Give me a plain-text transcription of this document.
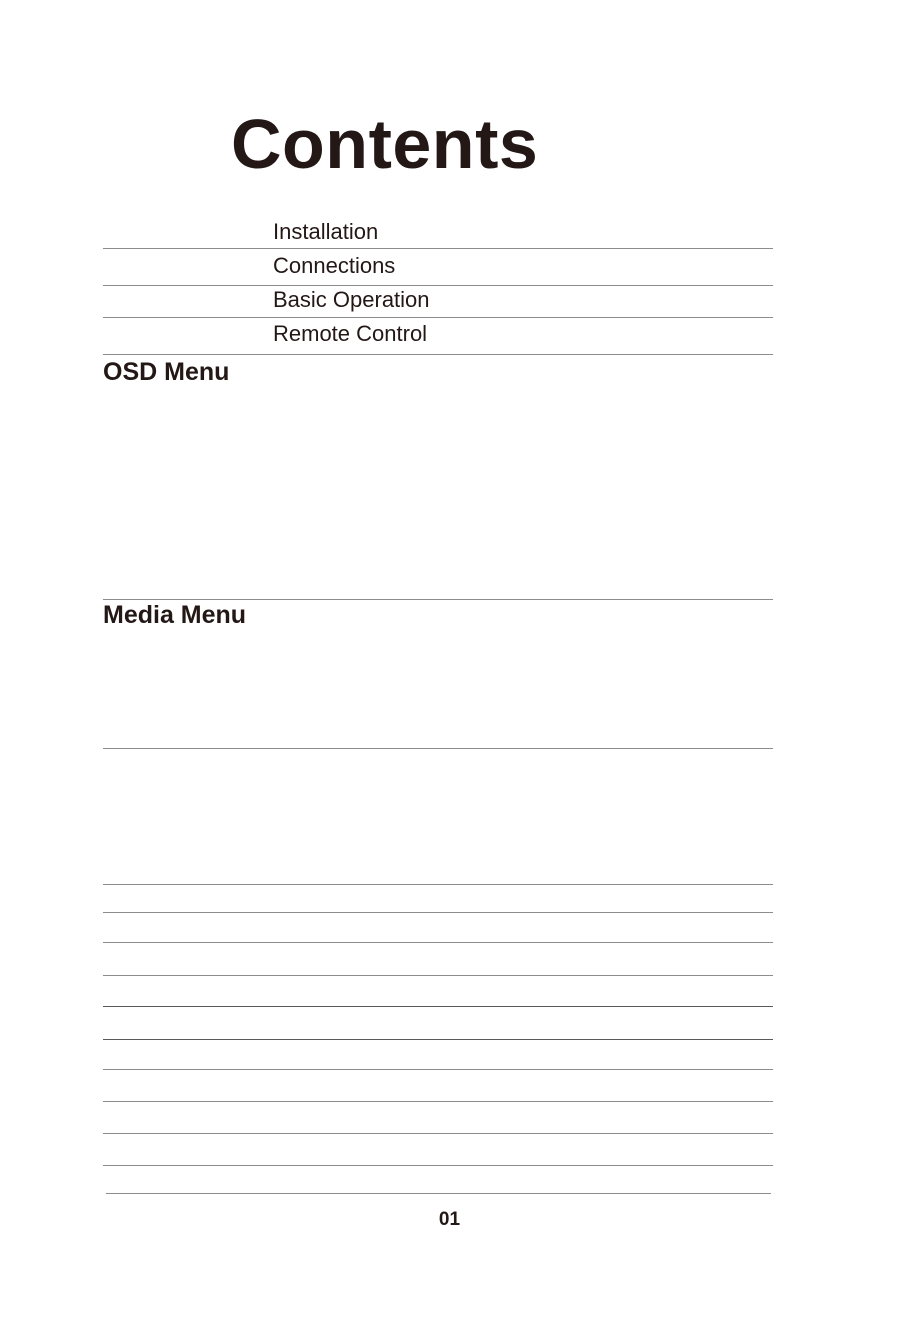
Contents
Installation
Connections
Basic Operation
Remote Control
OSD Menu
Media Menu
01
